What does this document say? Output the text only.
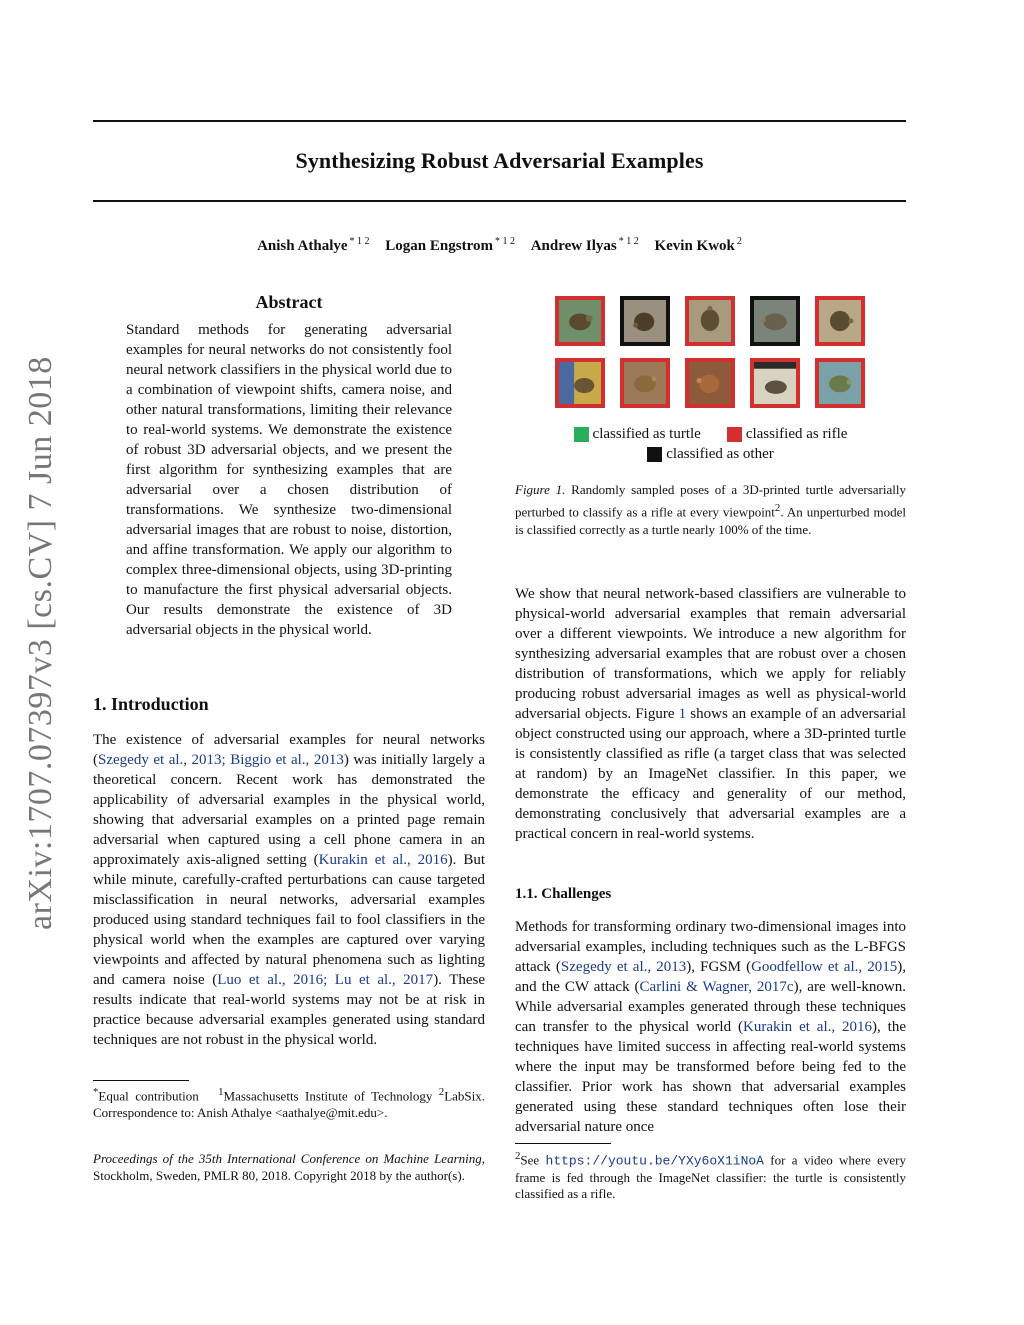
Synthesizing Robust Adversarial Examples
Anish Athalye $^{* 1 2}$ Logan Engstrom $^{* 1 2}$ Andrew Ilyas $^{* 1 2}$ Kevin Kwok $^2$
arXiv:1707.07397v3 [cs.CV] 7 Jun 2018
Abstract
Standard methods for generating adversarial examples for neural networks do not consistently fool neural network classifiers in the physical world due to a combination of viewpoint shifts, camera noise, and other natural transformations, limiting their relevance to real-world systems. We demonstrate the existence of robust 3D adversarial objects, and we present the first algorithm for synthesizing examples that are adversarial over a chosen distribution of transformations. We synthesize two-dimensional adversarial images that are robust to noise, distortion, and affine transformation. We apply our algorithm to complex three-dimensional objects, using 3D-printing to manufacture the first physical adversarial objects. Our results demonstrate the existence of 3D adversarial objects in the physical world.
1. Introduction
The existence of adversarial examples for neural networks (Szegedy et al., 2013; Biggio et al., 2013) was initially largely a theoretical concern. Recent work has demonstrated the applicability of adversarial examples in the physical world, showing that adversarial examples on a printed page remain adversarial when captured using a cell phone camera in an approximately axis-aligned setting (Kurakin et al., 2016). But while minute, carefully-crafted perturbations can cause targeted misclassification in neural networks, adversarial examples produced using standard techniques fail to fool classifiers in the physical world when the examples are captured over varying viewpoints and affected by natural phenomena such as lighting and camera noise (Luo et al., 2016; Lu et al., 2017). These results indicate that real-world systems may not be at risk in practice because adversarial examples generated using standard techniques are not robust in the physical world.
*Equal contribution $^1$Massachusetts Institute of Technology $^2$LabSix. Correspondence to: Anish Athalye <aathalye@mit.edu>.
Proceedings of the 35th International Conference on Machine Learning, Stockholm, Sweden, PMLR 80, 2018. Copyright 2018 by the author(s).
classified as turtle	classified as rifle
classified as other
Figure 1. Randomly sampled poses of a 3D-printed turtle adversarially perturbed to classify as a rifle at every viewpoint$^2$. An unperturbed model is classified correctly as a turtle nearly 100% of the time.
We show that neural network-based classifiers are vulnerable to physical-world adversarial examples that remain adversarial over a different viewpoints. We introduce a new algorithm for synthesizing adversarial examples that are robust over a chosen distribution of transformations, which we apply for reliably producing robust adversarial images as well as physical-world adversarial objects. Figure 1 shows an example of an adversarial object constructed using our approach, where a 3D-printed turtle is consistently classified as rifle (a target class that was selected at random) by an ImageNet classifier. In this paper, we demonstrate the efficacy and generality of our method, demonstrating conclusively that adversarial examples are a practical concern in real-world systems.
1.1. Challenges
Methods for transforming ordinary two-dimensional images into adversarial examples, including techniques such as the L-BFGS attack (Szegedy et al., 2013), FGSM (Goodfellow et al., 2015), and the CW attack (Carlini & Wagner, 2017c), are well-known. While adversarial examples generated through these techniques can transfer to the physical world (Kurakin et al., 2016), the techniques have limited success in affecting real-world systems where the input may be transformed before being fed to the classifier. Prior work has shown that adversarial examples generated using these standard techniques often lose their adversarial nature once
$^2$See https://youtu.be/YXy6oX1iNoA for a video where every frame is fed through the ImageNet classifier: the turtle is consistently classified as a rifle.
